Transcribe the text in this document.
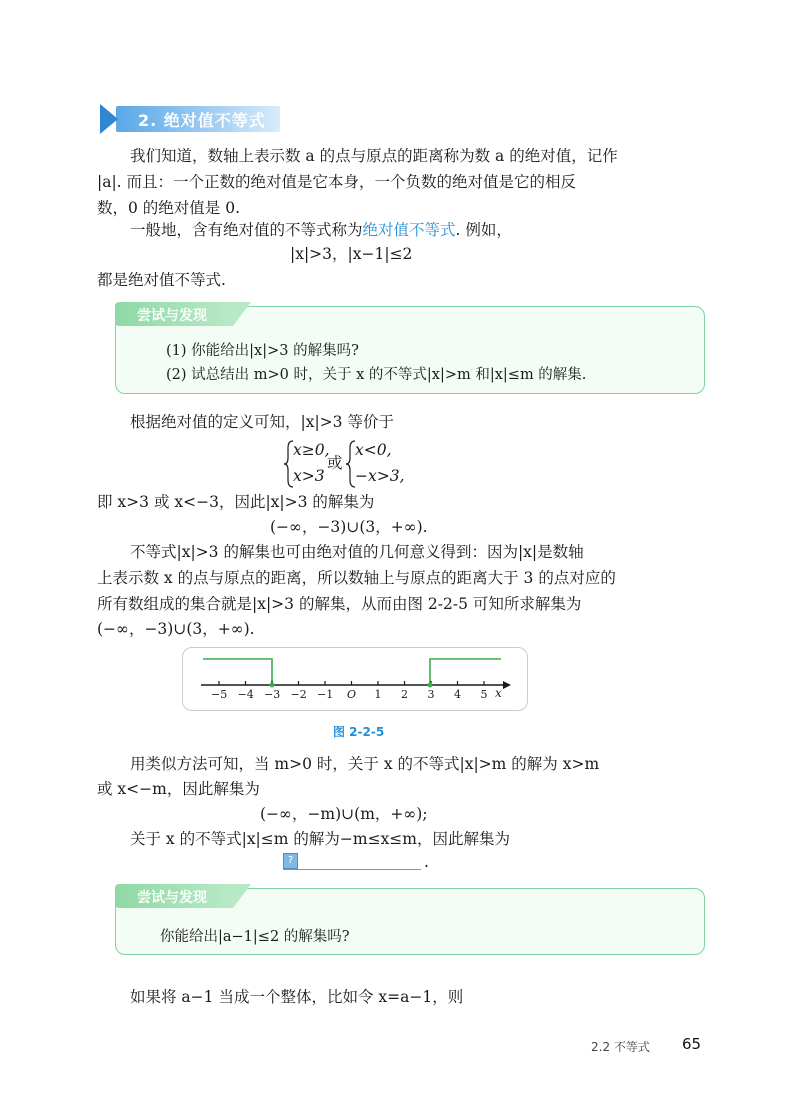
2. 绝对值不等式
我们知道，数轴上表示数 a 的点与原点的距离称为数 a 的绝对值，记作
|a|. 而且：一个正数的绝对值是它本身，一个负数的绝对值是它的相反
数，0 的绝对值是 0.
一般地，含有绝对值的不等式称为绝对值不等式. 例如，
|x|>3，|x−1|≤2
都是绝对值不等式.
(1) 你能给出|x|>3 的解集吗?
(2) 试总结出 m>0 时，关于 x 的不等式|x|>m 和|x|≤m 的解集.
尝试与发现
根据绝对值的定义可知，|x|>3 等价于
x≥0,
x>3
或
x<0,
−x>3,
即 x>3 或 x<−3，因此|x|>3 的解集为
(−∞，−3)∪(3，+∞).
不等式|x|>3 的解集也可由绝对值的几何意义得到：因为|x|是数轴
上表示数 x 的点与原点的距离，所以数轴上与原点的距离大于 3 的点对应的
所有数组成的集合就是|x|>3 的解集，从而由图 2-2-5 可知所求解集为
(−∞，−3)∪(3，+∞).
−5 −4 −3 −2 −1	O	1	2	3	4	5 x
图 2-2-5
用类似方法可知，当 m>0 时，关于 x 的不等式|x|>m 的解为 x>m
或 x<−m，因此解集为
(−∞，−m)∪(m，+∞);
关于 x 的不等式|x|≤m 的解为−m≤x≤m，因此解集为
?	.
你能给出|a−1|≤2 的解集吗?
尝试与发现
如果将 a−1 当成一个整体，比如令 x=a−1，则
2.2 不等式 65
